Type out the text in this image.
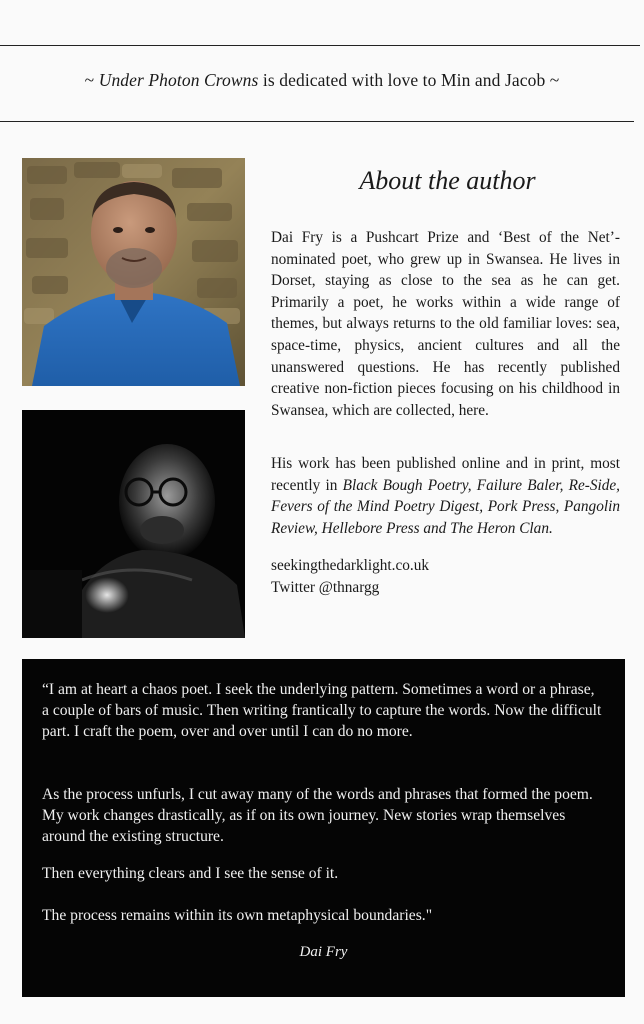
~ Under Photon Crowns is dedicated with love to Min and Jacob ~
About the author
Dai Fry is a Pushcart Prize and ‘Best of the Net’-nominated poet, who grew up in Swansea. He lives in Dorset, staying as close to the sea as he can get. Primarily a poet, he works within a wide range of themes, but always returns to the old familiar loves: sea, space-time, physics, ancient cultures and all the unanswered questions. He has recently published creative non-fiction pieces focusing on his childhood in Swansea, which are collected, here.
His work has been published online and in print, most recently in Black Bough Poetry, Failure Baler, Re-Side, Fevers of the Mind Poetry Digest, Pork Press, Pangolin Review, Hellebore Press and The Heron Clan.
seekingthedarklight.co.uk
Twitter @thnargg
“I am at heart a chaos poet. I seek the underlying pattern. Sometimes a word or a phrase, a couple of bars of music. Then writing frantically to capture the words. Now the difficult part. I craft the poem, over and over until I can do no more.
As the process unfurls, I cut away many of the words and phrases that formed the poem. My work changes drastically, as if on its own journey. New stories wrap themselves around the existing structure.
Then everything clears and I see the sense of it.
The process remains within its own metaphysical boundaries."
Dai Fry
